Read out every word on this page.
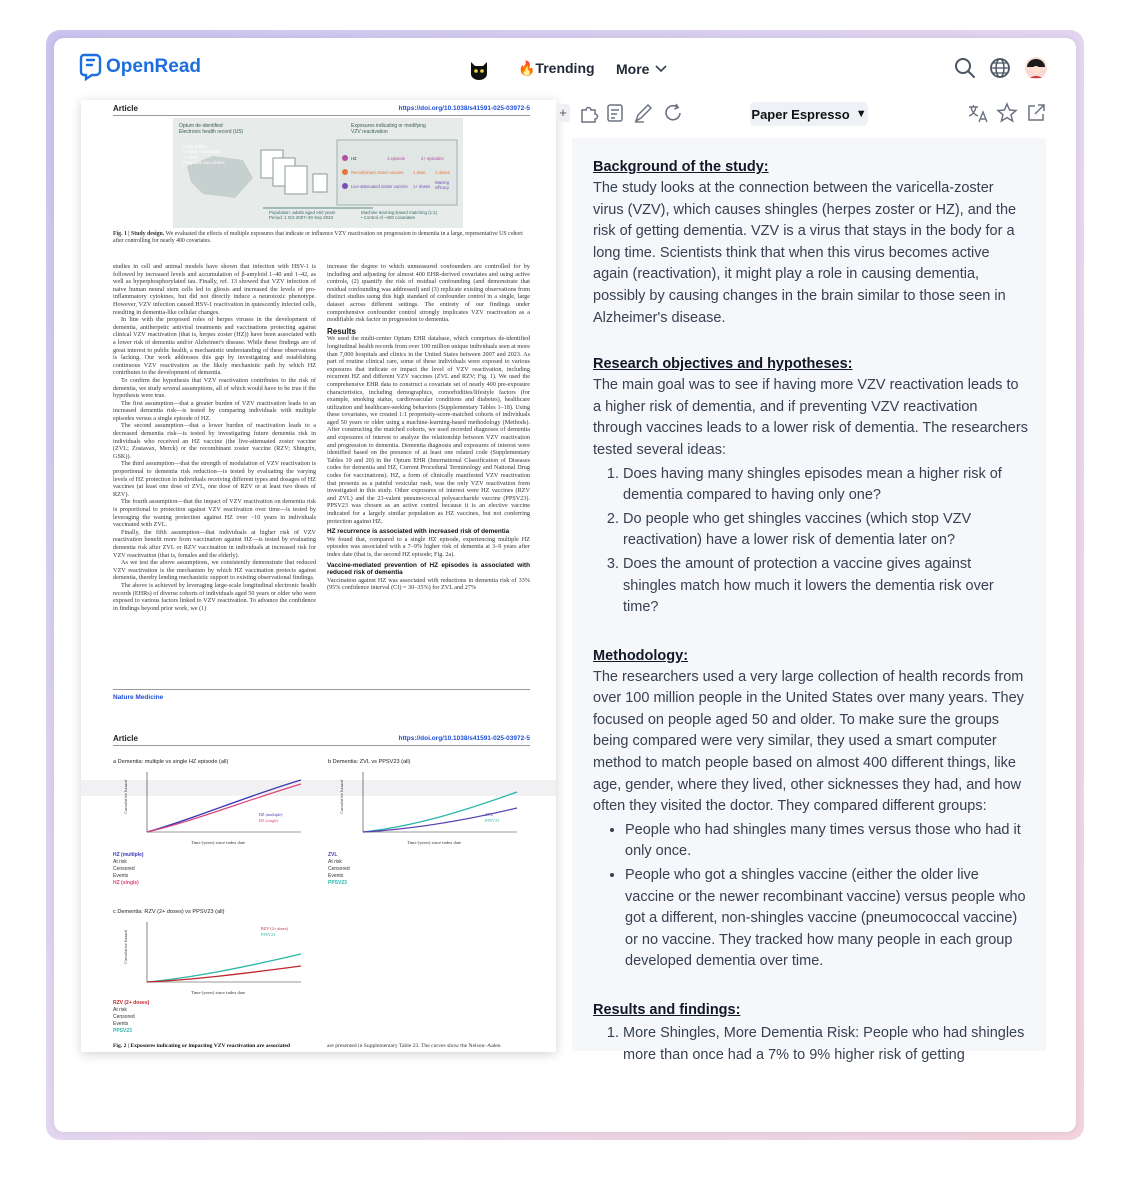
OpenRead	🔥Trending More
Article	https://doi.org/10.1038/s41591-025-03972-5
Optum de-identified
Electronic health record (US)
>100 million
Unique individuals
>7,000
Hospitals and clinics
Exposures indicating or modifying
VZV reactivation
HZ	1 episode	2+ episodes
Recombinant zoster vaccine 1 dose 2 doses
Live-attenuated zoster vaccine 1+ doses
Waning efficacy
Population: adults aged ≥50 years
Period: 1 Oct 2007–30 Sep 2023
Machine learning-based matching (1:1)
• Control of ~400 covariates
Fig. 1 | Study design. We evaluated the effects of multiple exposures that indicate or influence VZV reactivation on progression to dementia in a large, representative US cohort after controlling for nearly 400 covariates.

studies in cell and animal models have shown that infection with HSV-1 is followed by increased levels and accumulation of β-amyloid 1–40 and 1–42, as well as hyperphosphorylated tau. Finally, ref. 13 showed that VZV infection of naive human neural stem cells led to gliosis and increased the levels of pro-inflammatory cytokines, but did not directly induce a neurotoxic phenotype. However, VZV infection caused HSV-1 reactivation in quiescently infected cells, resulting in dementia-like cellular changes.

In line with the proposed roles of herpes viruses in the development of dementia, antiherpetic antiviral treatments and vaccinations protecting against clinical VZV reactivation (that is, herpes zoster (HZ)) have been associated with a lower risk of dementia and/or Alzheimer's disease. While these findings are of great interest to public health, a mechanistic understanding of these observations is lacking. Our work addresses this gap by investigating and establishing continuous VZV reactivation as the likely mechanistic path by which HZ contributes to the development of dementia.

To confirm the hypothesis that VZV reactivation contributes to the risk of dementia, we study several assumptions, all of which would have to be true if the hypothesis were true.

The first assumption—that a greater burden of VZV reactivation leads to an increased dementia risk—is tested by comparing individuals with multiple episodes versus a single episode of HZ.

The second assumption—that a lower burden of reactivation leads to a decreased dementia risk—is tested by investigating future dementia risk in individuals who received an HZ vaccine (the live-attenuated zoster vaccine (ZVL; Zostavax, Merck) or the recombinant zoster vaccine (RZV; Shingrix, GSK)).

The third assumption—that the strength of modulation of VZV reactivation is proportional to dementia risk reduction—is tested by evaluating the varying levels of HZ protection in individuals receiving different types and dosages of HZ vaccines (at least one dose of ZVL, one dose of RZV or at least two doses of RZV).

The fourth assumption—that the impact of VZV reactivation on dementia risk is proportional to protection against VZV reactivation over time—is tested by leveraging the waning protection against HZ over ~10 years in individuals vaccinated with ZVL.

Finally, the fifth assumption—that individuals at higher risk of VZV reactivation benefit more from vaccination against HZ—is tested by evaluating dementia risk after ZVL or RZV vaccination in individuals at increased risk for VZV reactivation (that is, females and the elderly).

As we test the above assumptions, we consistently demonstrate that reduced VZV reactivation is the mechanism by which HZ vaccination protects against dementia, thereby lending mechanistic support to existing observational findings.

The above is achieved by leveraging large-scale longitudinal electronic health records (EHRs) of diverse cohorts of individuals aged 50 years or older who were exposed to various factors linked to VZV reactivation. To advance the confidence in findings beyond prior work, we (1)

increase the degree to which unmeasured confounders are controlled for by including and adjusting for almost 400 EHR-derived covariates and using active controls, (2) quantify the risk of residual confounding (and demonstrate that residual confounding was addressed) and (3) replicate existing observations from distinct studies using this high standard of confounder control in a single, large dataset across different settings. The entirety of our findings under comprehensive confounder control strongly implicates VZV reactivation as a modifiable risk factor in progression to dementia.

Results

We used the multi-center Optum EHR database, which comprises de-identified longitudinal health records from over 100 million unique individuals seen at more than 7,000 hospitals and clinics in the United States between 2007 and 2023. As part of routine clinical care, some of these individuals were exposed to various exposures that indicate or impact the level of VZV reactivation, including recurrent HZ and different VZV vaccines (ZVL and RZV; Fig. 1). We used the comprehensive EHR data to construct a covariate set of nearly 400 pre-exposure characteristics, including demographics, comorbidities/lifestyle factors (for example, smoking status, cardiovascular conditions and diabetes), healthcare utilization and healthcare-seeking behaviors (Supplementary Tables 1–18). Using these covariates, we created 1:1 propensity-score-matched cohorts of individuals aged 50 years or older using a machine-learning-based methodology (Methods). After constructing the matched cohorts, we used recorded diagnoses of dementia and exposures of interest to analyze the relationship between VZV reactivation and progression to dementia. Dementia diagnosis and exposures of interest were identified based on the presence of at least one related code (Supplementary Tables 19 and 20) in the Optum EHR (International Classification of Diseases codes for dementia and HZ, Current Procedural Terminology and National Drug codes for vaccinations). HZ, a form of clinically manifested VZV reactivation that presents as a painful vesicular rash, was the only VZV reactivation form investigated in this study. Other exposures of interest were HZ vaccines (RZV and ZVL) and the 23-valent pneumococcal polysaccharide vaccine (PPSV23). PPSV23 was chosen as an active control because it is an elective vaccine indicated for a largely similar population as HZ vaccines, but not conferring protection against HZ.

HZ recurrence is associated with increased risk of dementia

We found that, compared to a single HZ episode, experiencing multiple HZ episodes was associated with a 7–9% higher risk of dementia at 3–9 years after index date (that is, the second HZ episode; Fig. 2a).

Vaccine-mediated prevention of HZ episodes is associated with reduced risk of dementia

Vaccination against HZ was associated with reductions in dementia risk of 33% (95% confidence interval (CI) = 30–35%) for ZVL and 27%

Nature Medicine
Article	https://doi.org/10.1038/s41591-025-03972-5
a Dementia: multiple vs single HZ episode (all)	b Dementia: ZVL vs PPSV23 (all)
c Dementia: RZV (2+ doses) vs PPSV23 (all)
Cumulative hazard
Time (years) since index date
HZ (multiple)
HZ (single)
Cumulative hazard
Time (years) since index date
ZVL
PPSV23
Cumulative hazard
Time (years) since index date
RZV (2+ doses)
PPSV23
HZ (multiple)
At risk
Censored
Events
HZ (single)
ZVL
At risk
Censored
Events
PPSV23
RZV (2+ doses)
At risk
Censored
Events
PPSV23
Fig. 2 | Exposures indicating or impacting VZV reactivation are associated	are presented in Supplementary Table 23. The curves show the Nelson–Aalen
+	Paper Espresso ▼
Background of the study:

The study looks at the connection between the varicella-zoster virus (VZV), which causes shingles (herpes zoster or HZ), and the risk of getting dementia. VZV is a virus that stays in the body for a long time. Scientists think that when this virus becomes active again (reactivation), it might play a role in causing dementia, possibly by causing changes in the brain similar to those seen in Alzheimer's disease.

Research objectives and hypotheses:

The main goal was to see if having more VZV reactivation leads to a higher risk of dementia, and if preventing VZV reactivation through vaccines leads to a lower risk of dementia. The researchers tested several ideas:

1. Does having many shingles episodes mean a higher risk of dementia compared to having only one?
2. Do people who get shingles vaccines (which stop VZV reactivation) have a lower risk of dementia later on?
3. Does the amount of protection a vaccine gives against shingles match how much it lowers the dementia risk over time?
Methodology:

The researchers used a very large collection of health records from over 100 million people in the United States over many years. They focused on people aged 50 and older. To make sure the groups being compared were very similar, they used a smart computer method to match people based on almost 400 different things, like age, gender, where they lived, other sicknesses they had, and how often they visited the doctor. They compared different groups:

• People who had shingles many times versus those who had it only once.
• People who got a shingles vaccine (either the older live vaccine or the newer recombinant vaccine) versus people who got a different, non-shingles vaccine (pneumococcal vaccine) or no vaccine. They tracked how many people in each group developed dementia over time.
Results and findings:
1. More Shingles, More Dementia Risk: People who had shingles more than once had a 7% to 9% higher risk of getting
